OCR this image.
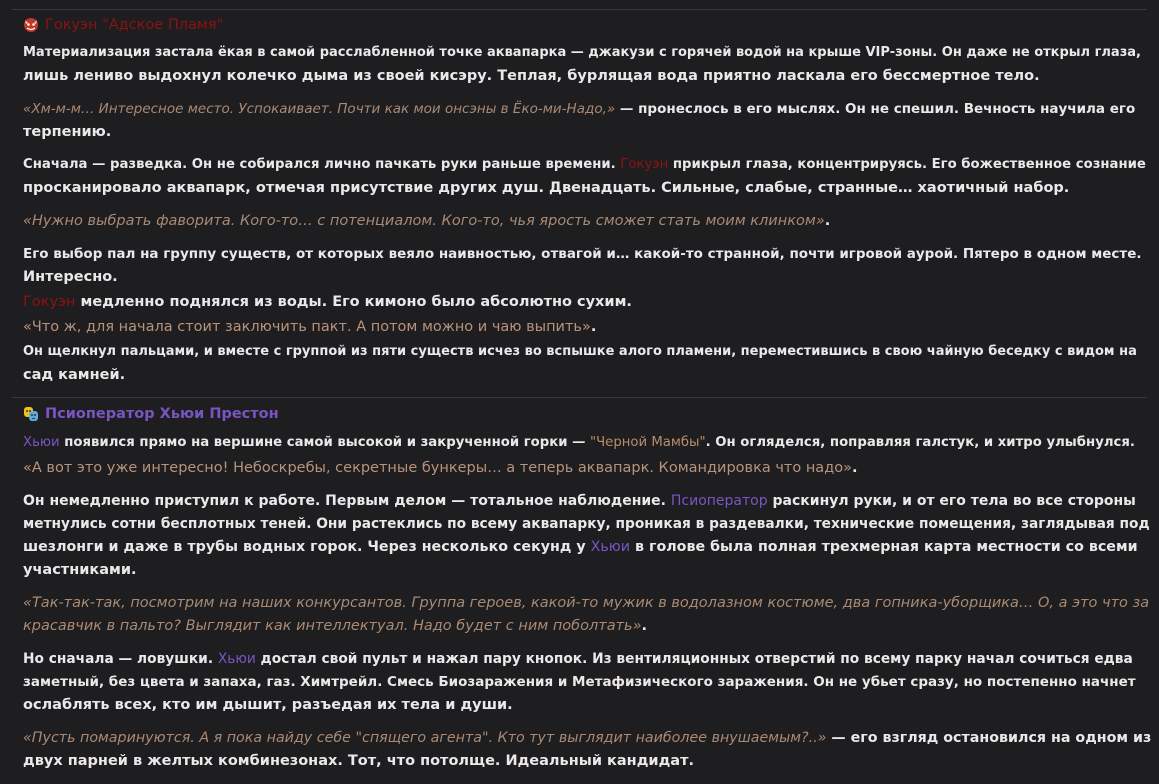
Гокуэн "Адское Пламя"
Материализация застала ёкая в самой расслабленной точке аквапарка — джакузи с горячей водой на крыше VIP-зоны. Он даже не открыл глаза,
лишь лениво выдохнул колечко дыма из своей кисэру. Теплая, бурлящая вода приятно ласкала его бессмертное тело.
«Хм-м-м… Интересное место. Успокаивает. Почти как мои онсэны в Ёко-ми-Надо,» — пронеслось в его мыслях. Он не спешил. Вечность научила его
терпению.
Сначала — разведка. Он не собирался лично пачкать руки раньше времени. Гокуэн прикрыл глаза, концентрируясь. Его божественное сознание
просканировало аквапарк, отмечая присутствие других душ. Двенадцать. Сильные, слабые, странные… хаотичный набор.
«Нужно выбрать фаворита. Кого-то… с потенциалом. Кого-то, чья ярость сможет стать моим клинком».
Его выбор пал на группу существ, от которых веяло наивностью, отвагой и… какой-то странной, почти игровой аурой. Пятеро в одном месте.
Интересно.
Гокуэн медленно поднялся из воды. Его кимоно было абсолютно сухим.
«Что ж, для начала стоит заключить пакт. А потом можно и чаю выпить».
Он щелкнул пальцами, и вместе с группой из пяти существ исчез во вспышке алого пламени, переместившись в свою чайную беседку с видом на
сад камней.
Псиоператор Хьюи Престон
Хьюи появился прямо на вершине самой высокой и закрученной горки — "Черной Мамбы". Он огляделся, поправляя галстук, и хитро улыбнулся.
«А вот это уже интересно! Небоскребы, секретные бункеры… а теперь аквапарк. Командировка что надо».
Он немедленно приступил к работе. Первым делом — тотальное наблюдение. Псиоператор раскинул руки, и от его тела во все стороны
метнулись сотни бесплотных теней. Они растеклись по всему аквапарку, проникая в раздевалки, технические помещения, заглядывая под
шезлонги и даже в трубы водных горок. Через несколько секунд у Хьюи в голове была полная трехмерная карта местности со всеми
участниками.
«Так-так-так, посмотрим на наших конкурсантов. Группа героев, какой-то мужик в водолазном костюме, два гопника-уборщика… О, а это что за
красавчик в пальто? Выглядит как интеллектуал. Надо будет с ним поболтать».
Но сначала — ловушки. Хьюи достал свой пульт и нажал пару кнопок. Из вентиляционных отверстий по всему парку начал сочиться едва
заметный, без цвета и запаха, газ. Химтрейл. Смесь Биозаражения и Метафизического заражения. Он не убьет сразу, но постепенно начнет
ослаблять всех, кто им дышит, разъедая их тела и души.
«Пусть помаринуются. А я пока найду себе "спящего агента". Кто тут выглядит наиболее внушаемым?..» — его взгляд остановился на одном из
двух парней в желтых комбинезонах. Тот, что потолще. Идеальный кандидат.
